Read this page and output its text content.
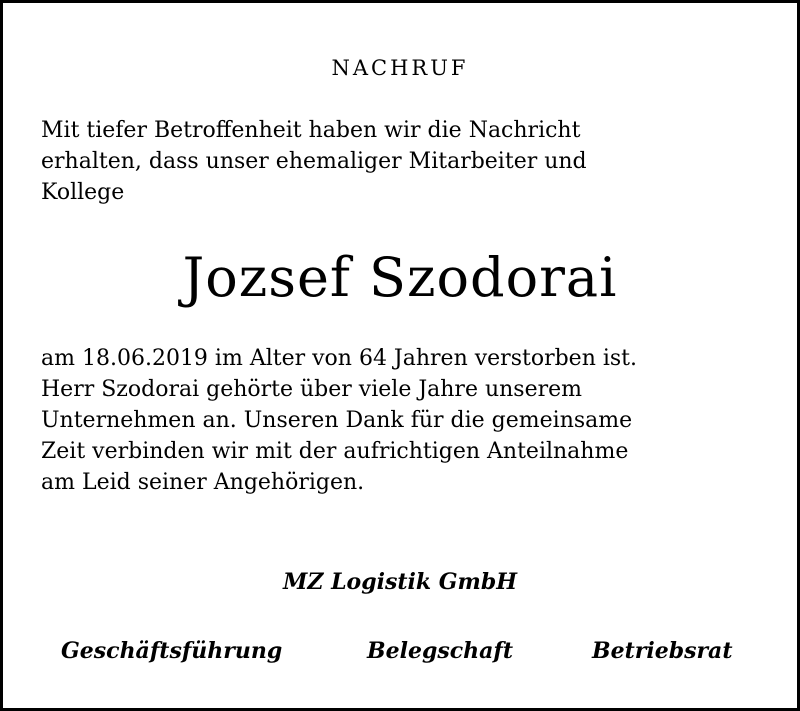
NACHRUF
Mit tiefer Betroffenheit haben wir die Nachricht
erhalten, dass unser ehemaliger Mitarbeiter und
Kollege
Jozsef Szodorai
am 18.06.2019 im Alter von 64 Jahren verstorben ist.
Herr Szodorai gehörte über viele Jahre unserem
Unternehmen an. Unseren Dank für die gemeinsame
Zeit verbinden wir mit der aufrichtigen Anteilnahme
am Leid seiner Angehörigen.
MZ Logistik GmbH
Geschäftsführung	Belegschaft	Betriebsrat
